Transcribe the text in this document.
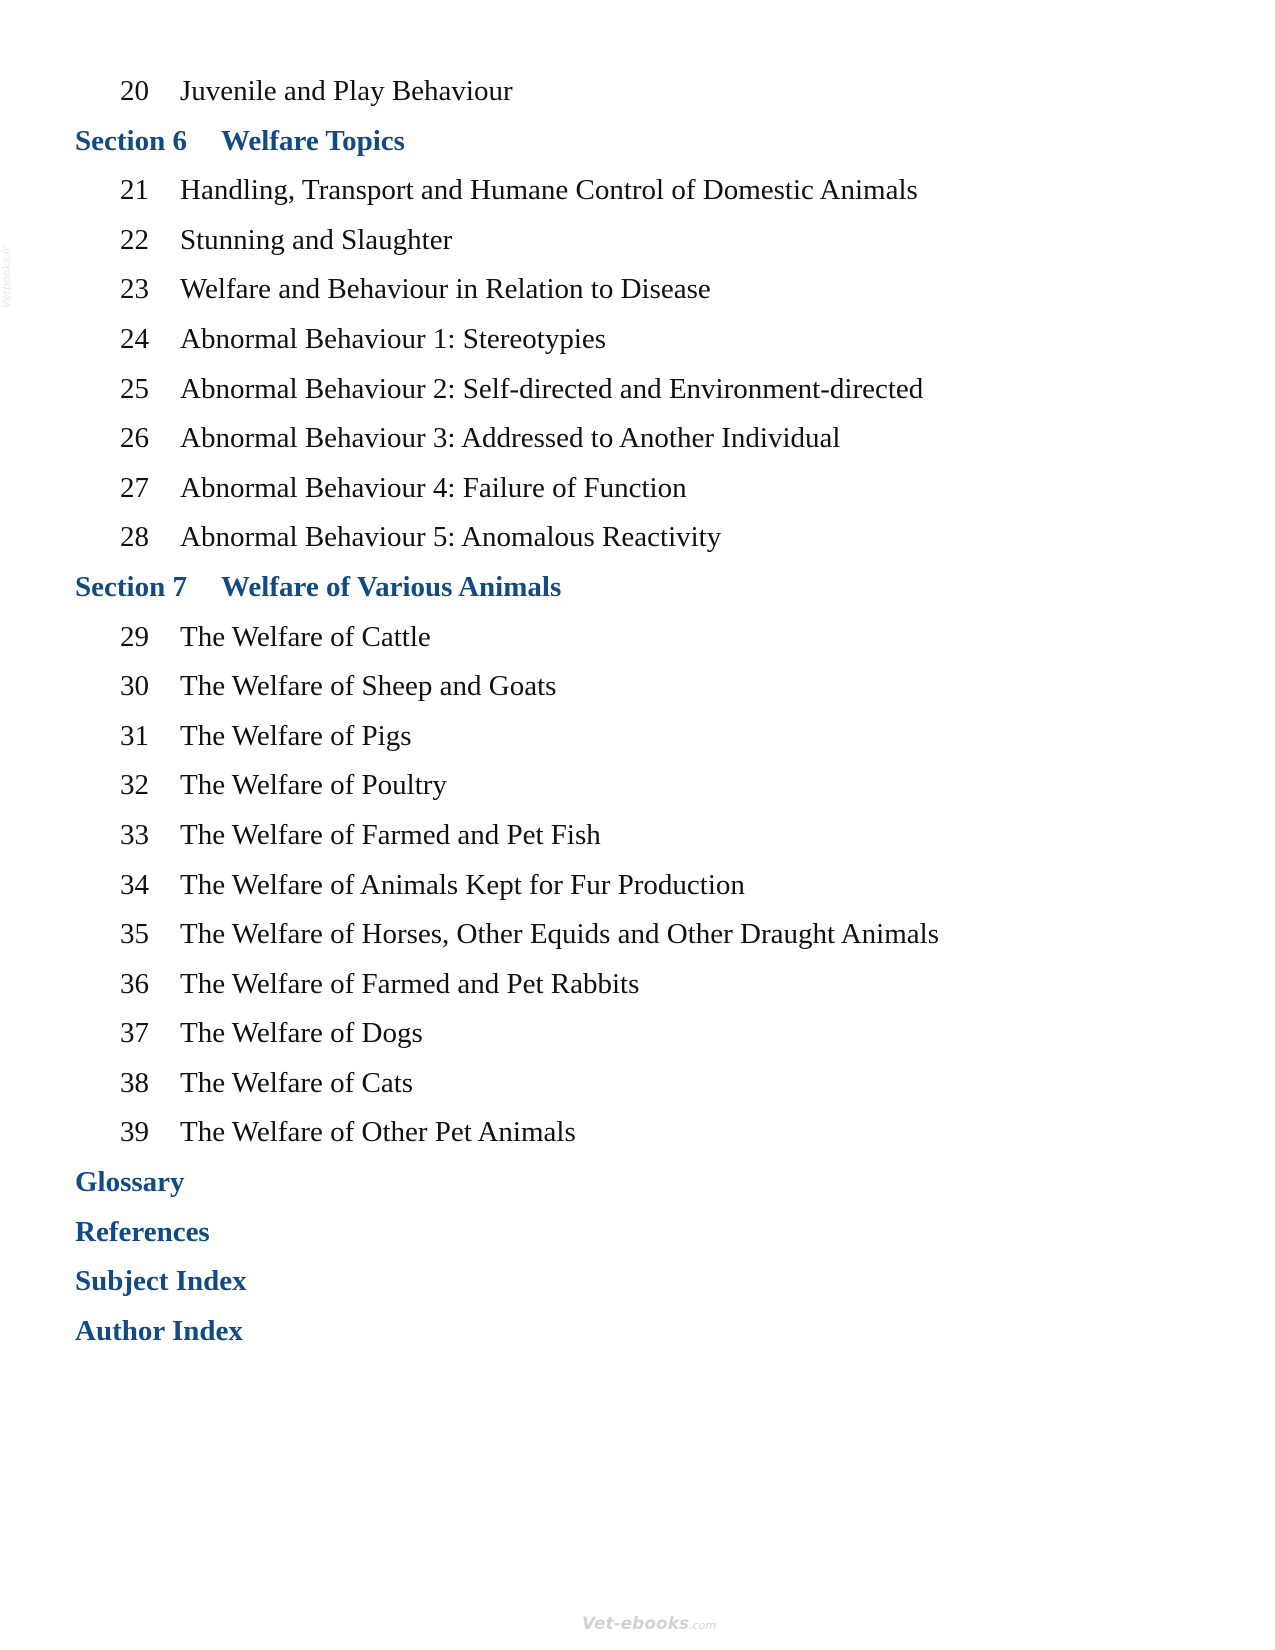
20 Juvenile and Play Behaviour
Section 6 Welfare Topics
21 Handling, Transport and Humane Control of Domestic Animals
22 Stunning and Slaughter
23 Welfare and Behaviour in Relation to Disease
24 Abnormal Behaviour 1: Stereotypies
25 Abnormal Behaviour 2: Self-directed and Environment-directed
26 Abnormal Behaviour 3: Addressed to Another Individual
27 Abnormal Behaviour 4: Failure of Function
28 Abnormal Behaviour 5: Anomalous Reactivity
Section 7 Welfare of Various Animals
29 The Welfare of Cattle
30 The Welfare of Sheep and Goats
31 The Welfare of Pigs
32 The Welfare of Poultry
33 The Welfare of Farmed and Pet Fish
34 The Welfare of Animals Kept for Fur Production
35 The Welfare of Horses, Other Equids and Other Draught Animals
36 The Welfare of Farmed and Pet Rabbits
37 The Welfare of Dogs
38 The Welfare of Cats
39 The Welfare of Other Pet Animals
Glossary
References
Subject Index
Author Index
Vetbooks.ir
Vet-ebooks.com
